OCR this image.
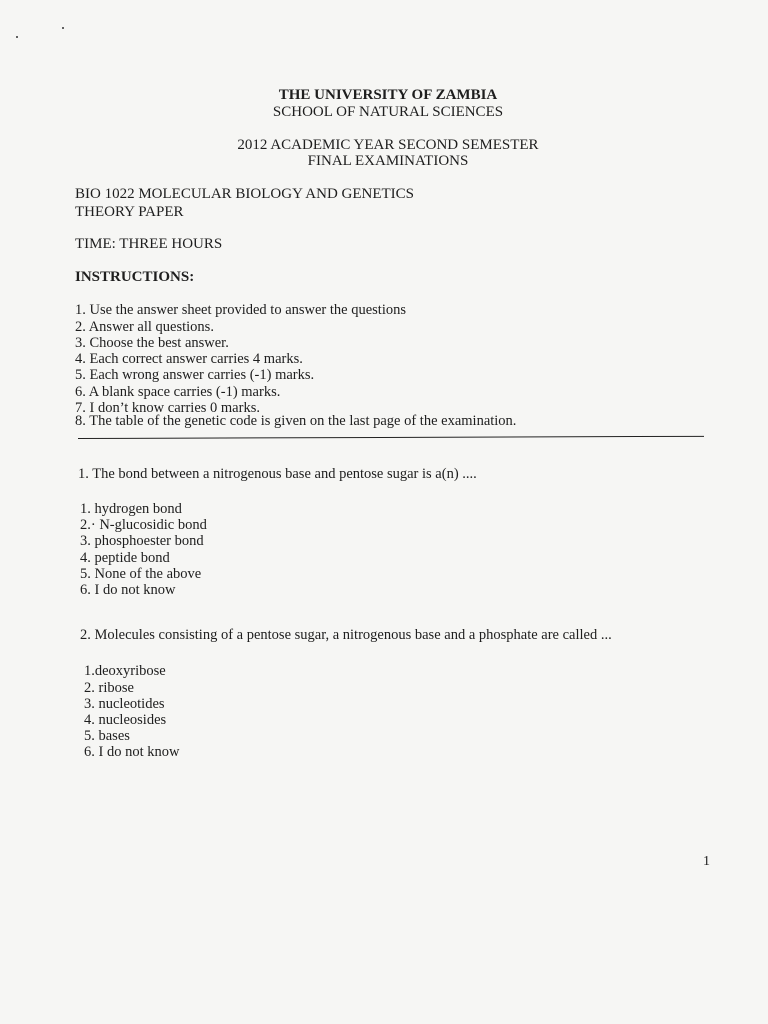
THE UNIVERSITY OF ZAMBIA
SCHOOL OF NATURAL SCIENCES
2012 ACADEMIC YEAR SECOND SEMESTER
FINAL EXAMINATIONS
BIO 1022 MOLECULAR BIOLOGY AND GENETICS
THEORY PAPER
TIME: THREE HOURS
INSTRUCTIONS:
1. Use the answer sheet provided to answer the questions
2. Answer all questions.
3. Choose the best answer.
4. Each correct answer carries 4 marks.
5. Each wrong answer carries (-1) marks.
6. A blank space carries (-1) marks.
7. I don’t know carries 0 marks.
8. The table of the genetic code is given on the last page of the examination.
1. The bond between a nitrogenous base and pentose sugar is a(n) ....
1. hydrogen bond
2.· N-glucosidic bond
3. phosphoester bond
4. peptide bond
5. None of the above
6. I do not know
2. Molecules consisting of a pentose sugar, a nitrogenous base and a phosphate are called ...
1.deoxyribose
2. ribose
3. nucleotides
4. nucleosides
5. bases
6. I do not know
1
